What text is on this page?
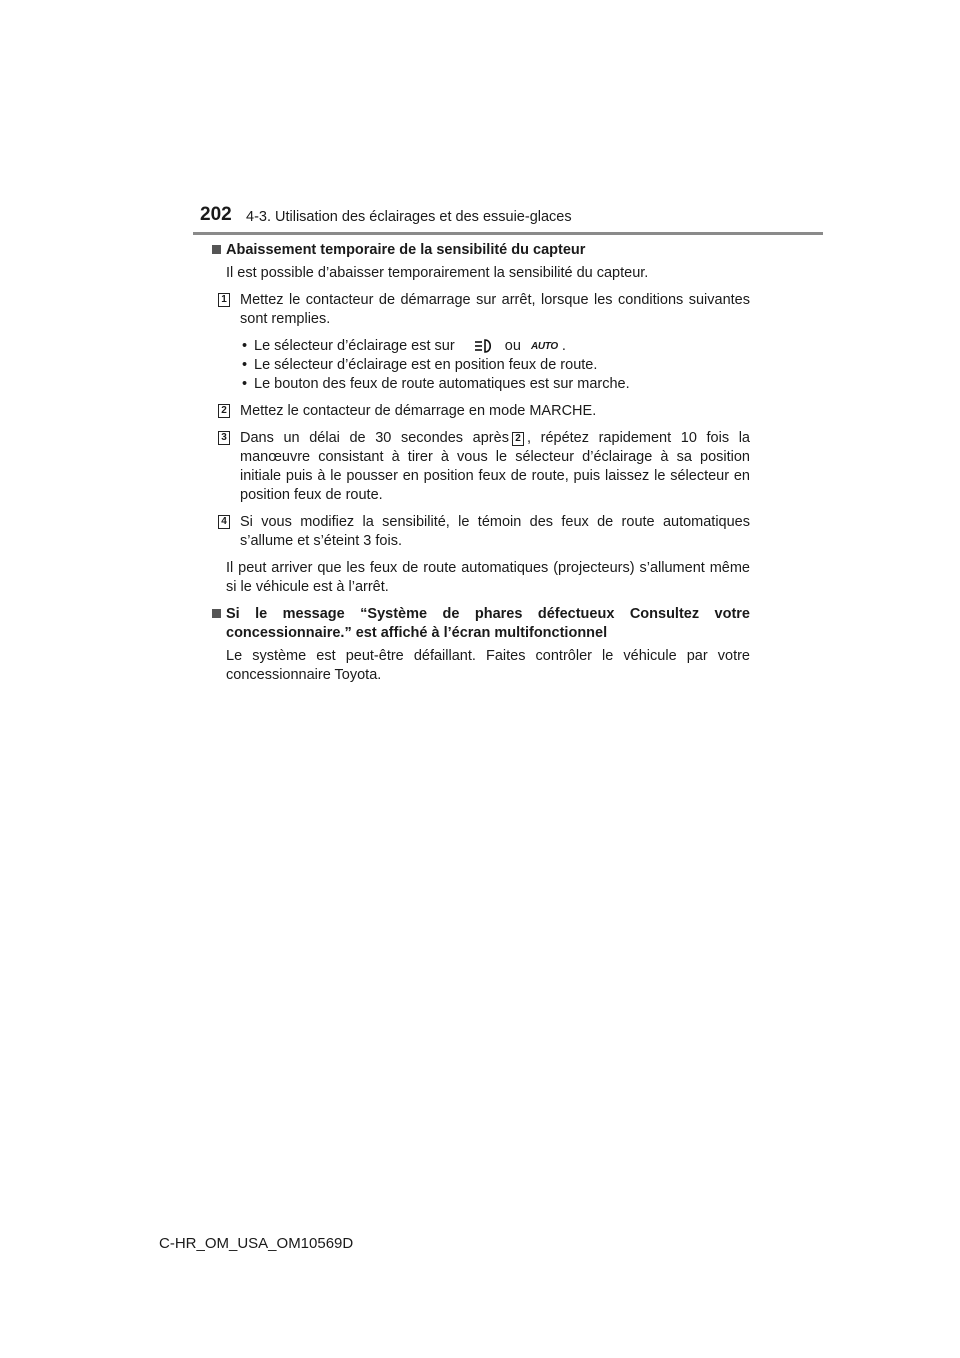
202 4-3. Utilisation des éclairages et des essuie-glaces

Abaissement temporaire de la sensibilité du capteur

Il est possible d’abaisser temporairement la sensibilité du capteur.

1 Mettez le contacteur de démarrage sur arrêt, lorsque les conditions suivantes sont remplies.

• Le sélecteur d’éclairage est sur	ou AUTO .

• Le sélecteur d’éclairage est en position feux de route.

• Le bouton des feux de route automatiques est sur marche.

2 Mettez le contacteur de démarrage en mode MARCHE.
3 Dans un délai de 30 secondes après 2 , répétez rapidement 10 fois la manœuvre consistant à tirer à vous le sélecteur d’éclairage à sa position initiale puis à le pousser en position feux de route, puis laissez le sélecteur en position feux de route.
4 Si vous modifiez la sensibilité, le témoin des feux de route automatiques s’allume et s’éteint 3 fois.

Il peut arriver que les feux de route automatiques (projecteurs) s’allument même si le véhicule est à l’arrêt.

Si le message “Système de phares défectueux Consultez votre concessionnaire.” est affiché à l’écran multifonctionnel

Le système est peut-être défaillant. Faites contrôler le véhicule par votre concessionnaire Toyota.

C-HR_OM_USA_OM10569D
